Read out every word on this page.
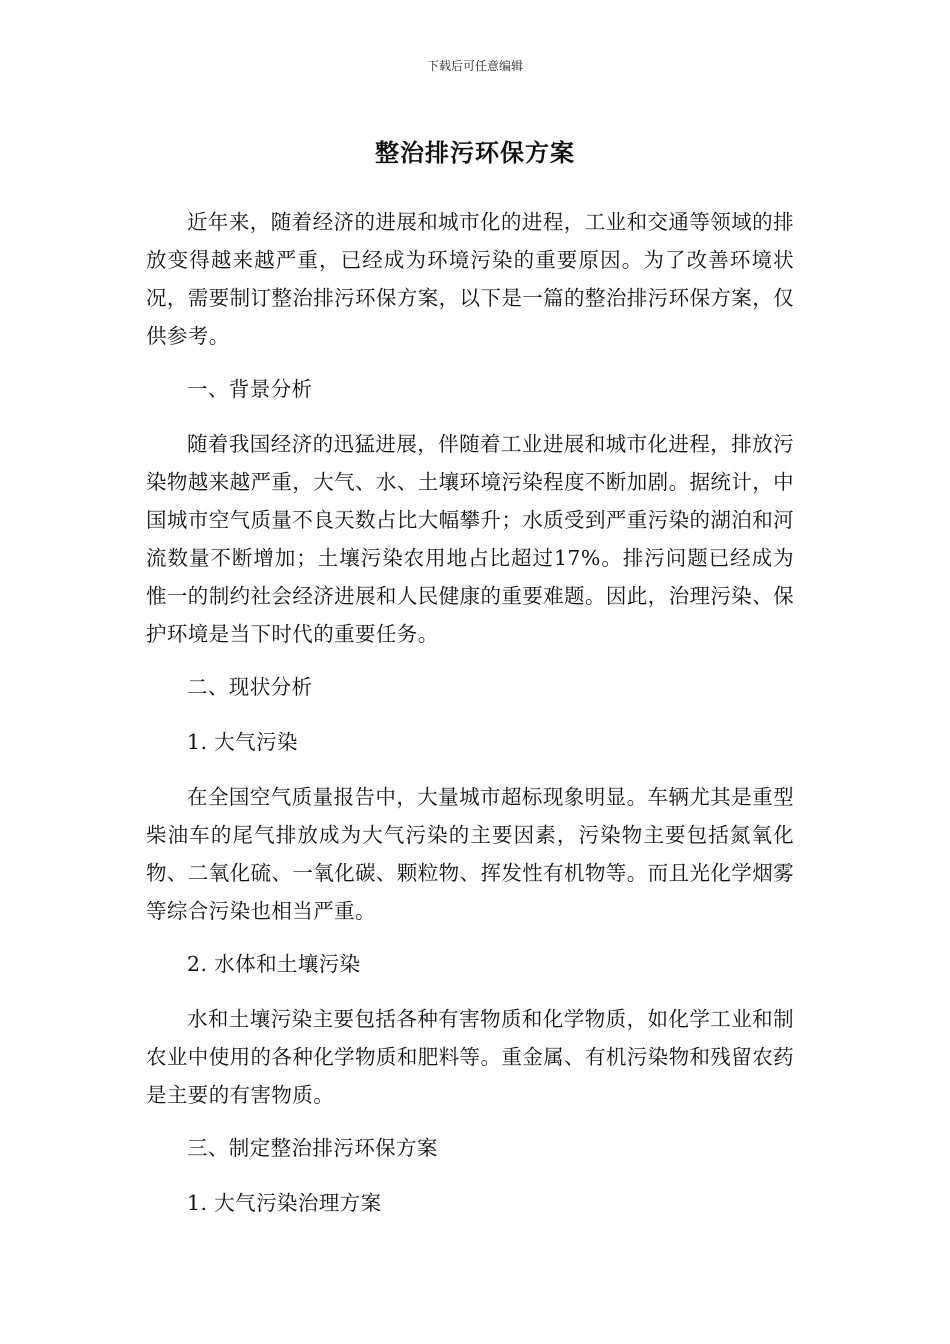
下载后可任意编辑
整治排污环保方案

近年来，随着经济的进展和城市化的进程，工业和交通等领域的排放变得越来越严重，已经成为环境污染的重要原因。为了改善环境状况，需要制订整治排污环保方案，以下是一篇的整治排污环保方案，仅供参考。

一、背景分析

随着我国经济的迅猛进展，伴随着工业进展和城市化进程，排放污染物越来越严重，大气、水、土壤环境污染程度不断加剧。据统计，中国城市空气质量不良天数占比大幅攀升；水质受到严重污染的湖泊和河流数量不断增加；土壤污染农用地占比超过17%。排污问题已经成为惟一的制约社会经济进展和人民健康的重要难题。因此，治理污染、保护环境是当下时代的重要任务。

二、现状分析

1. 大气污染

在全国空气质量报告中，大量城市超标现象明显。车辆尤其是重型柴油车的尾气排放成为大气污染的主要因素，污染物主要包括氮氧化物、二氧化硫、一氧化碳、颗粒物、挥发性有机物等。而且光化学烟雾等综合污染也相当严重。

2. 水体和土壤污染

水和土壤污染主要包括各种有害物质和化学物质，如化学工业和制农业中使用的各种化学物质和肥料等。重金属、有机污染物和残留农药是主要的有害物质。

三、制定整治排污环保方案

1. 大气污染治理方案
